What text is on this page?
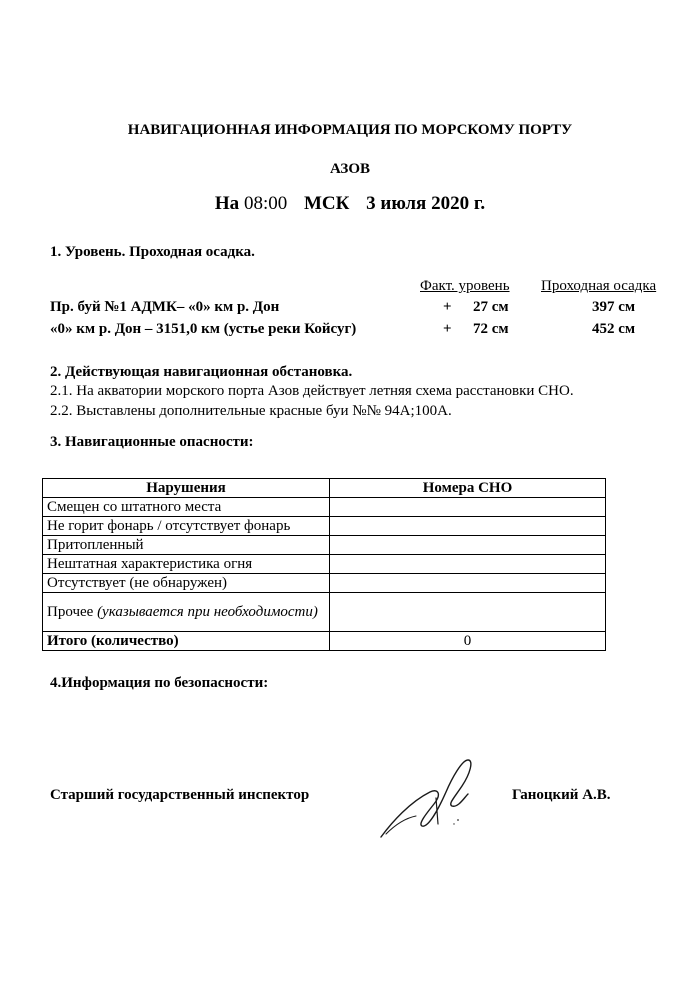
НАВИГАЦИОННАЯ ИНФОРМАЦИЯ ПО МОРСКОМУ ПОРТУ
АЗОВ
На 08:00 МСК 3 июля 2020 г.
1. Уровень. Проходная осадка.
Факт. уровень Проходная осадка
Пр. буй №1 АДМК– «0» км р. Дон	+ 27 см	397 см
«0» км р. Дон – 3151,0 км (устье реки Койсуг)	+ 72 см	452 см
2. Действующая навигационная обстановка.
2.1. На акватории морского порта Азов действует летняя схема расстановки СНО.
2.2. Выставлены дополнительные красные буи №№ 94А;100А.
3. Навигационные опасности:
Нарушения	Номера СНО
Смещен со штатного места	
Не горит фонарь / отсутствует фонарь	
Притопленный	
Нештатная характеристика огня	
Отсутствует (не обнаружен)	
Прочее (указывается при необходимости)	
Итого (количество)	0
4.Информация по безопасности:
Старший государственный инспектор	Ганоцкий А.В.
